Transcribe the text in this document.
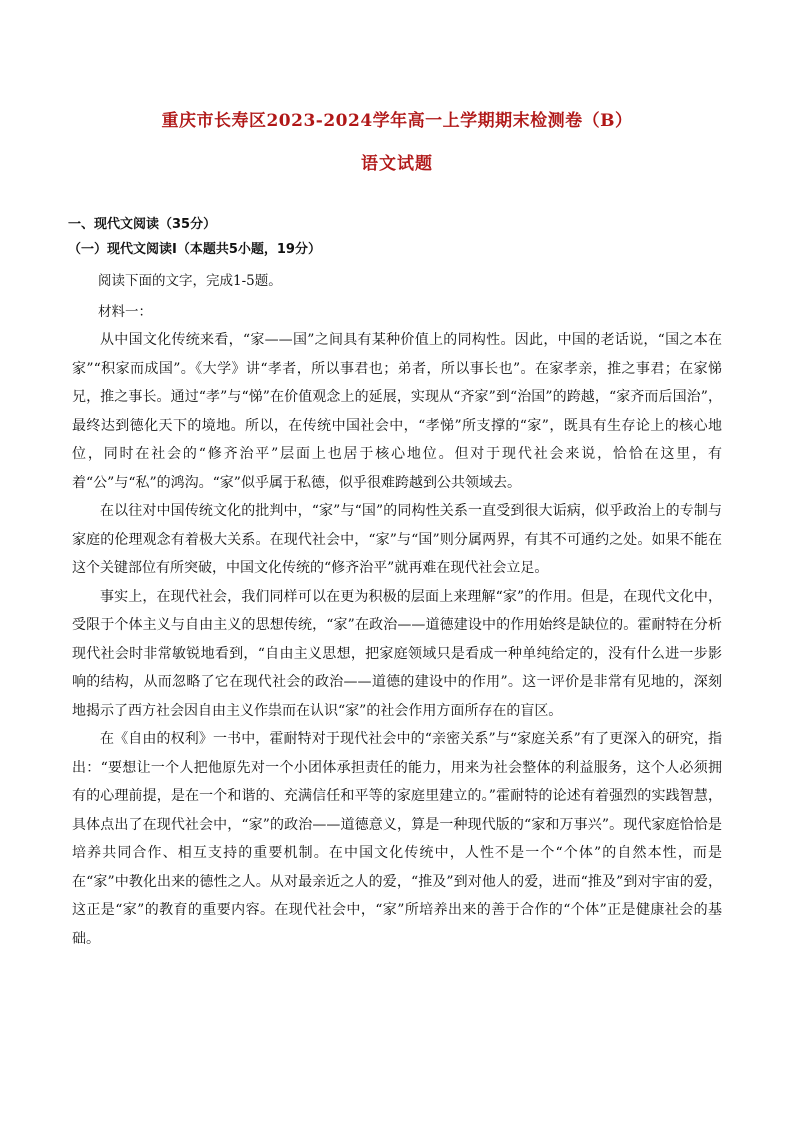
重庆市长寿区2023-2024学年高一上学期期末检测卷（B）
语文试题
一、现代文阅读（35分）
（一）现代文阅读Ⅰ（本题共5小题，19分）
阅读下面的文字，完成1-5题。
材料一：

从中国文化传统来看，“家——国”之间具有某种价值上的同构性。因此，中国的老话说，“国之本在家”“积家而成国”。《大学》讲“孝者，所以事君也；弟者，所以事长也”。在家孝亲，推之事君；在家悌兄，推之事长。通过“孝”与“悌”在价值观念上的延展，实现从“齐家”到“治国”的跨越，“家齐而后国治”，最终达到德化天下的境地。所以，在传统中国社会中，“孝悌”所支撑的“家”，既具有生存论上的核心地位，同时在社会的“修齐治平”层面上也居于核心地位。但对于现代社会来说，恰恰在这里，有着“公”与“私”的鸿沟。“家”似乎属于私德，似乎很难跨越到公共领域去。

在以往对中国传统文化的批判中，“家”与“国”的同构性关系一直受到很大诟病，似乎政治上的专制与家庭的伦理观念有着极大关系。在现代社会中，“家”与“国”则分属两界，有其不可通约之处。如果不能在这个关键部位有所突破，中国文化传统的“修齐治平”就再难在现代社会立足。

事实上，在现代社会，我们同样可以在更为积极的层面上来理解“家”的作用。但是，在现代文化中，受限于个体主义与自由主义的思想传统，“家”在政治——道德建设中的作用始终是缺位的。霍耐特在分析现代社会时非常敏锐地看到，“自由主义思想，把家庭领域只是看成一种单纯给定的，没有什么进一步影响的结构，从而忽略了它在现代社会的政治——道德的建设中的作用”。这一评价是非常有见地的，深刻地揭示了西方社会因自由主义作祟而在认识“家”的社会作用方面所存在的盲区。

在《自由的权利》一书中，霍耐特对于现代社会中的“亲密关系”与“家庭关系”有了更深入的研究，指出：“要想让一个人把他原先对一个小团体承担责任的能力，用来为社会整体的利益服务，这个人必须拥有的心理前提，是在一个和谐的、充满信任和平等的家庭里建立的。”霍耐特的论述有着强烈的实践智慧，具体点出了在现代社会中，“家”的政治——道德意义，算是一种现代版的“家和万事兴”。现代家庭恰恰是培养共同合作、相互支持的重要机制。在中国文化传统中，人性不是一个“个体”的自然本性，而是在“家”中教化出来的德性之人。从对最亲近之人的爱，“推及”到对他人的爱，进而“推及”到对宇宙的爱，这正是“家”的教育的重要内容。在现代社会中，“家”所培养出来的善于合作的“个体”正是健康社会的基础。
